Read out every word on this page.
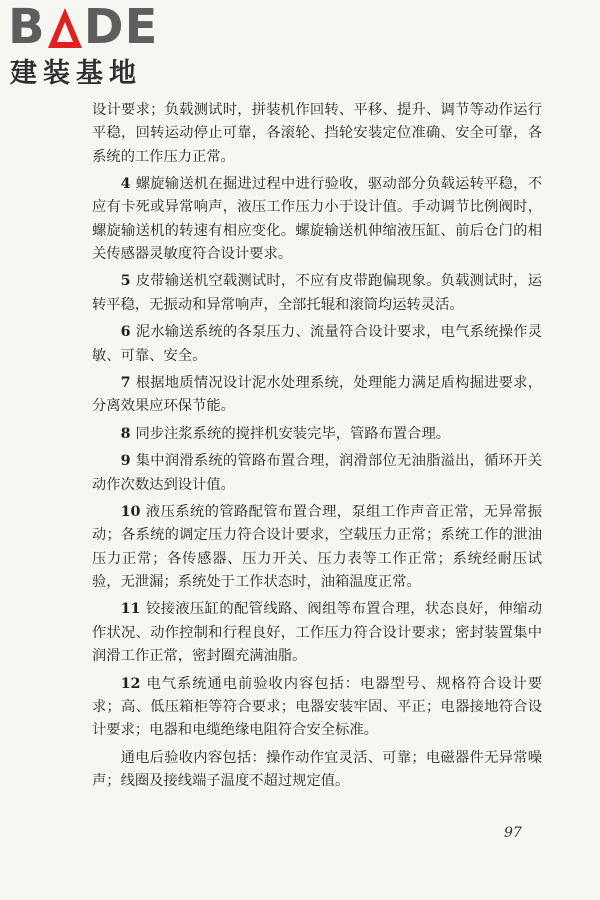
B DE
建装基地

设计要求；负载测试时，拼装机作回转、平移、提升、调节等动作运行平稳，回转运动停止可靠，各滚轮、挡轮安装定位准确、安全可靠，各系统的工作压力正常。

4 螺旋输送机在掘进过程中进行验收，驱动部分负载运转平稳，不应有卡死或异常响声，液压工作压力小于设计值。手动调节比例阀时，螺旋输送机的转速有相应变化。螺旋输送机伸缩液压缸、前后仓门的相关传感器灵敏度符合设计要求。

5 皮带输送机空载测试时，不应有皮带跑偏现象。负载测试时，运转平稳，无振动和异常响声，全部托辊和滚筒均运转灵活。

6 泥水输送系统的各泵压力、流量符合设计要求，电气系统操作灵敏、可靠、安全。

7 根据地质情况设计泥水处理系统，处理能力满足盾构掘进要求，分离效果应环保节能。

8 同步注浆系统的搅拌机安装完毕，管路布置合理。

9 集中润滑系统的管路布置合理，润滑部位无油脂溢出，循环开关动作次数达到设计值。

10 液压系统的管路配管布置合理，泵组工作声音正常，无异常振动；各系统的调定压力符合设计要求，空载压力正常；系统工作的泄油压力正常；各传感器、压力开关、压力表等工作正常；系统经耐压试验，无泄漏；系统处于工作状态时，油箱温度正常。

11 铰接液压缸的配管线路、阀组等布置合理，状态良好，伸缩动作状况、动作控制和行程良好，工作压力符合设计要求；密封装置集中润滑工作正常，密封圈充满油脂。

12 电气系统通电前验收内容包括：电器型号、规格符合设计要求；高、低压箱柜等符合要求；电器安装牢固、平正；电器接地符合设计要求；电器和电缆绝缘电阻符合安全标准。

通电后验收内容包括：操作动作宜灵活、可靠；电磁器件无异常噪声；线圈及接线端子温度不超过规定值。

97
